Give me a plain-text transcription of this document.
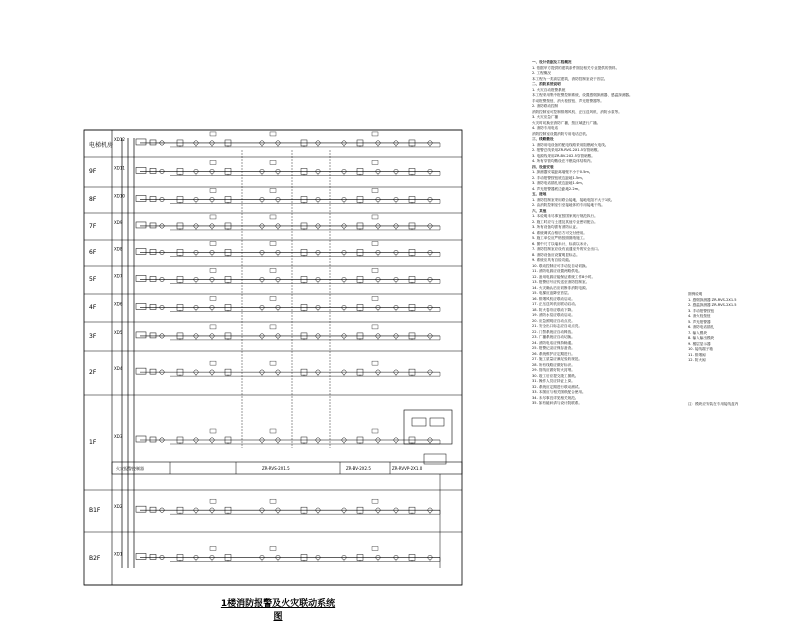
XD12
XD11
XD10
XD9
XD8
XD7
XD6
XD5
XD4
XD3
XD2
XD1
ZR-RVS-2X1.5	ZR-BV-2X2.5	ZR-RVVP-2X1.0
火灾报警控制器
电梯机房
9F
8F
7F
6F
5F
4F
3F
2F
1F
B1F
B2F
1楼消防报警及火灾联动系统图
一、设计依据及工程概况
1. 依据甲方提供的建筑条件图及相关专业提供的资料。
2. 工程概况
本工程为一类高层建筑，消防控制室设于首层。
二、消防系统说明
1. 火灾自动报警系统
本工程采用集中报警控制系统，设置感烟探测器、感温探测器。
手动报警按钮、消火栓按钮、声光报警器等。
2. 消防联动控制
消防控制室可控制排烟风机、正压送风机、消防水泵等。
3. 火灾应急广播
火灾时切换至消防广播，按区域进行广播。
4. 消防专用电话
消防控制室设置消防专用电话总机。
三、线路敷设
1. 消防用电设备的配电线路采用阻燃耐火电线。
2. 报警总线采用ZR-RVS-2X1.5穿管暗敷。
3. 电源线采用ZR-BV-2X2.5穿管暗敷。
4. 所有穿管均敷设在不燃烧体结构内。
四、设备安装
1. 探测器安装距离墙壁不小于0.5m。
2. 手动报警按钮底边距地1.5m。
3. 消防电话插孔底边距地1.4m。
4. 声光报警器底边距地2.2m。
五、接地
1. 消防控制室采用联合接地，接地电阻不大于1欧。
2. 由消防控制室引至接地体的专用接地干线。
六、其他
1. 本说明未尽事宜按国家现行规范执行。
2. 施工时应与土建及其他专业密切配合。
3. 所有设备均需有消防认证。
4. 系统调试合格后方可交付使用。
5. 施工单位应严格按照图纸施工。
6. 图中尺寸以毫米计，标高以米计。
7. 消防控制室应设有直通室外的安全出口。
8. 消防设备应设置明显标志。
9. 系统应具有自检功能。
10. 联动控制应可手动及自动切换。
11. 消防电源应设置两路供电。
12. 备用电源应能保证系统工作8小时。
13. 报警信号应传送至消防控制室。
14. 火灾确认后应切断非消防电源。
15. 电梯应迫降至首层。
16. 排烟风机应联动启动。
17. 正压送风机应联动启动。
18. 防火卷帘应联动下降。
19. 消防水泵应联动启动。
20. 应急照明应自动点亮。
21. 安全出口标志应自动点亮。
22. 门禁系统应自动释放。
23. 广播系统应自动切换。
24. 消防电话应保持畅通。
25. 报警记录应保存备查。
26. 系统维护应定期进行。
27. 施工质量应满足验收规范。
28. 所有线路应做好标识。
29. 管线应做好防火封堵。
30. 竣工后应提交竣工图纸。
31. 操作人员应持证上岗。
32. 系统应定期进行联动测试。
33. 本图应与相关图纸配合使用。
34. 未尽事宜详见相关规范。
35. 如有疑问请与设计院联系。
图例说明
1. 感烟探测器 ZR-RVS-2X1.5
2. 感温探测器 ZR-RVS-2X1.5
3. 手动报警按钮
4. 消火栓按钮
5. 声光报警器
6. 消防电话插孔
7. 输入模块
8. 输入输出模块
9. 楼层显示器
10. 接线端子箱
11. 排烟阀
12. 防火阀

注：模块应安装在专用接线盒内
